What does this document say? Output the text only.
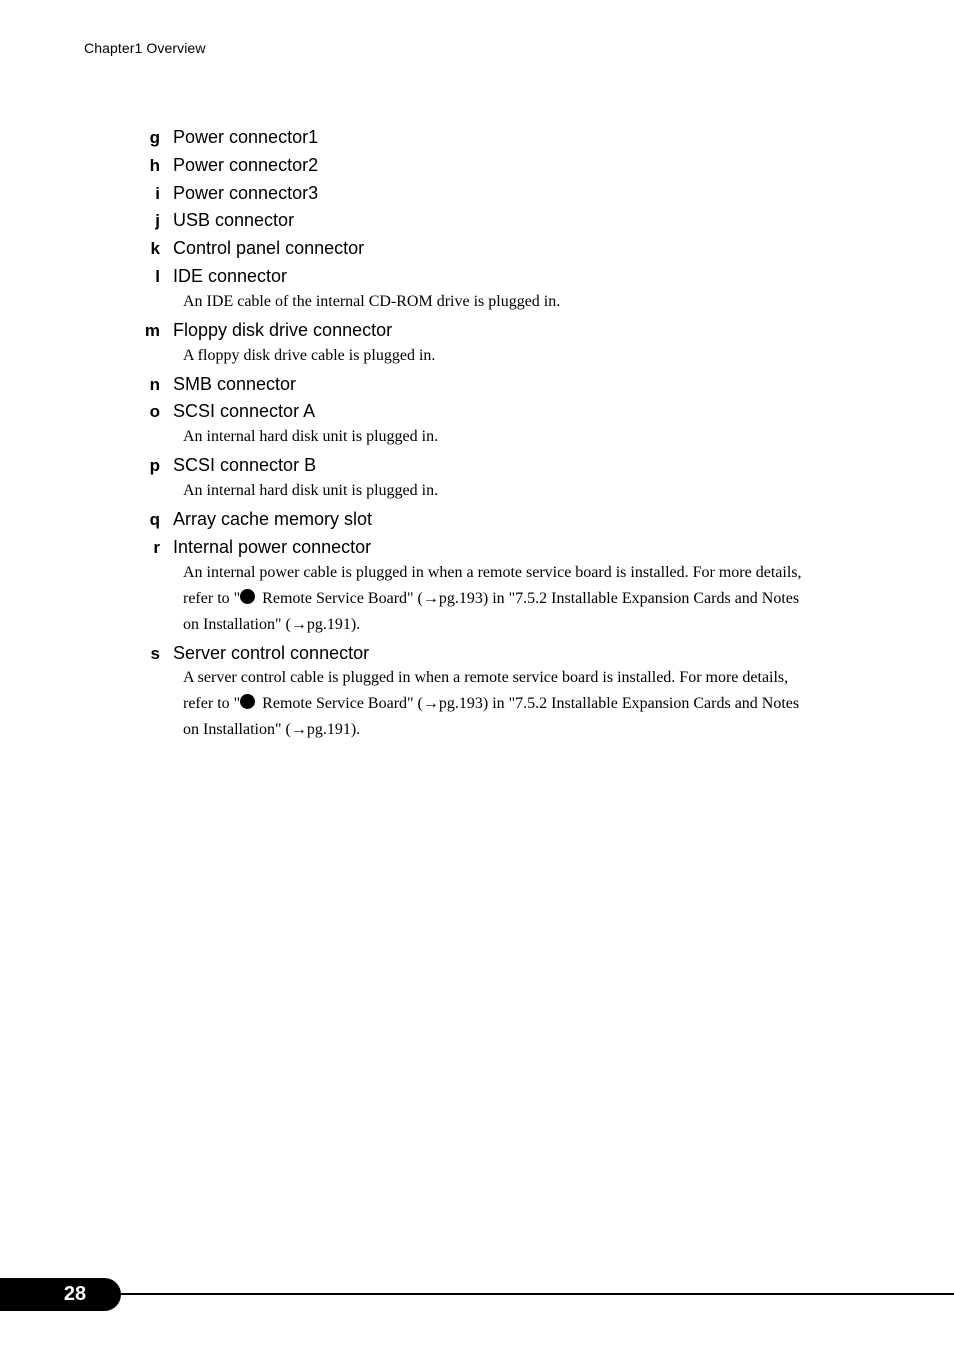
Chapter1 Overview
g Power connector1
h Power connector2
i Power connector3
j USB connector
k Control panel connector
l IDE connector
An IDE cable of the internal CD-ROM drive is plugged in.
m Floppy disk drive connector
A floppy disk drive cable is plugged in.
n SMB connector
o SCSI connector A
An internal hard disk unit is plugged in.
p SCSI connector B
An internal hard disk unit is plugged in.
q Array cache memory slot
r Internal power connector
An internal power cable is plugged in when a remote service board is installed. For more details,
refer to " Remote Service Board" (→pg.193) in "7.5.2 Installable Expansion Cards and Notes
on Installation" (→pg.191).
s Server control connector
A server control cable is plugged in when a remote service board is installed. For more details,
refer to " Remote Service Board" (→pg.193) in "7.5.2 Installable Expansion Cards and Notes
on Installation" (→pg.191).
28
